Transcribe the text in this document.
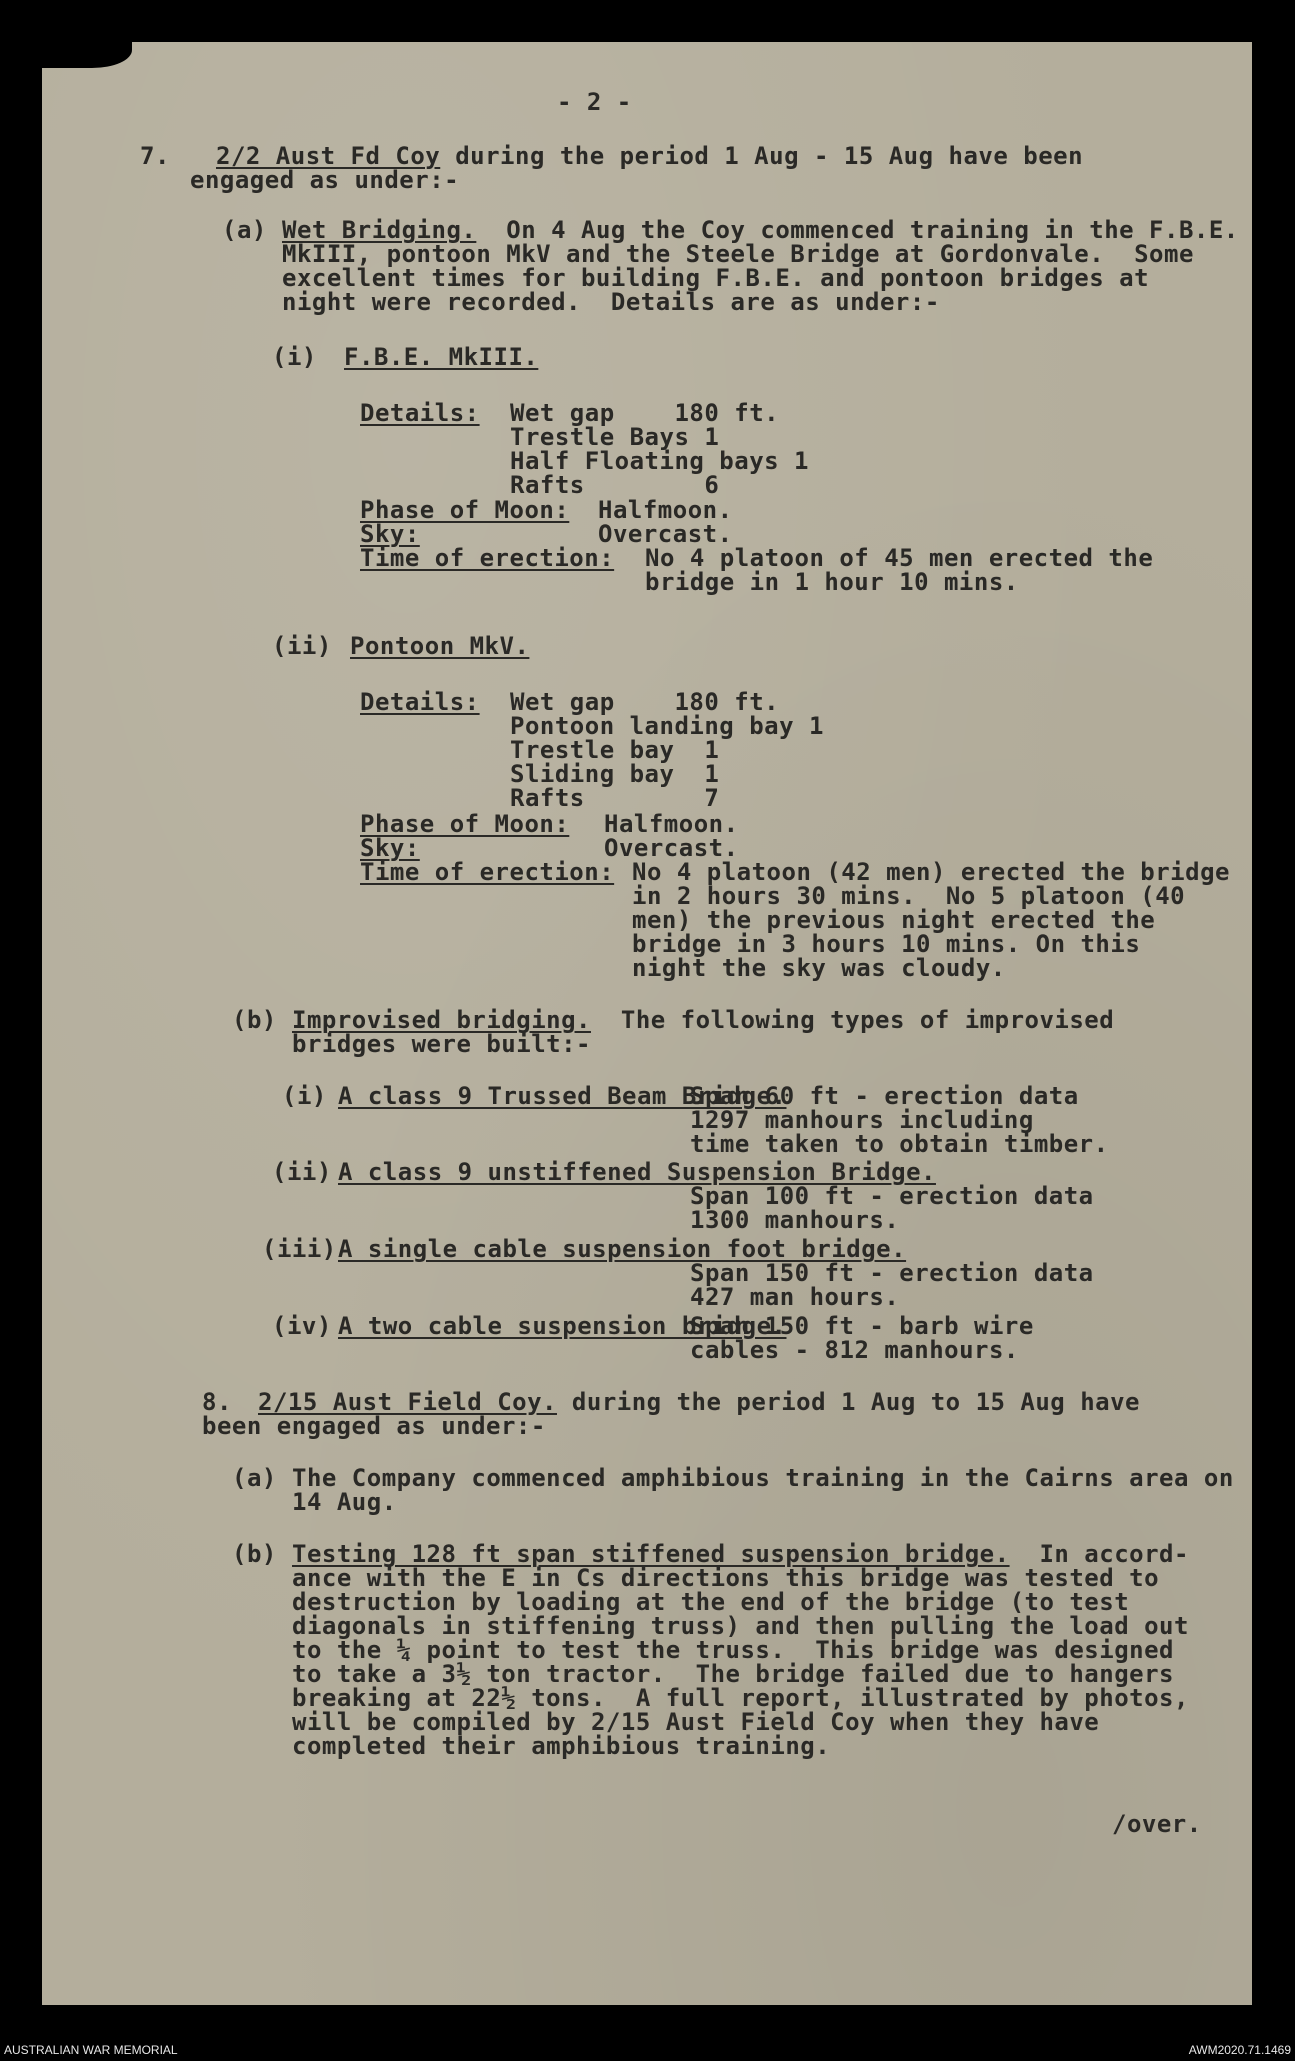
- 2 -
7. 2/2 Aust Fd Coy during the period 1 Aug - 15 Aug have been
engaged as under:-
(a) Wet Bridging.  On 4 Aug the Coy commenced training in the F.B.E.
MkIII, pontoon MkV and the Steele Bridge at Gordonvale.  Some
excellent times for building F.B.E. and pontoon bridges at
night were recorded.  Details are as under:-
(i) F.B.E. MkIII.
Details: Wet gap    180 ft.
Trestle Bays 1
Half Floating bays 1
Rafts        6
Phase of Moon: Halfmoon.
Sky:	Overcast.
Time of erection: No 4 platoon of 45 men erected the
bridge in 1 hour 10 mins.
(ii) Pontoon MkV.
Details: Wet gap    180 ft.
Pontoon landing bay 1
Trestle bay  1
Sliding bay  1
Rafts        7
Phase of Moon: Halfmoon.
Sky:	Overcast.
Time of erection: No 4 platoon (42 men) erected the bridge
in 2 hours 30 mins.  No 5 platoon (40
men) the previous night erected the
bridge in 3 hours 10 mins. On this
night the sky was cloudy.
(b) Improvised bridging.  The following types of improvised
bridges were built:-
(i) A class 9 Trussed Beam Bridge.
Span 60 ft - erection data
1297 manhours including
time taken to obtain timber.
(ii) A class 9 unstiffened Suspension Bridge.
Span 100 ft - erection data
1300 manhours.
(iii) A single cable suspension foot bridge.
Span 150 ft - erection data
427 man hours.
(iv) A two cable suspension bridge.
Span 150 ft - barb wire
cables - 812 manhours.
8. 2/15 Aust Field Coy. during the period 1 Aug to 15 Aug have
been engaged as under:-
(a) The Company commenced amphibious training in the Cairns area on
14 Aug.
(b) Testing 128 ft span stiffened suspension bridge.  In accord-
ance with the E in Cs directions this bridge was tested to
destruction by loading at the end of the bridge (to test
diagonals in stiffening truss) and then pulling the load out
to the ¼ point to test the truss.  This bridge was designed
to take a 3½ ton tractor.  The bridge failed due to hangers
breaking at 22½ tons.  A full report, illustrated by photos,
will be compiled by 2/15 Aust Field Coy when they have
completed their amphibious training.
/over.
AUSTRALIAN WAR MEMORIAL	AWM2020.71.1469
